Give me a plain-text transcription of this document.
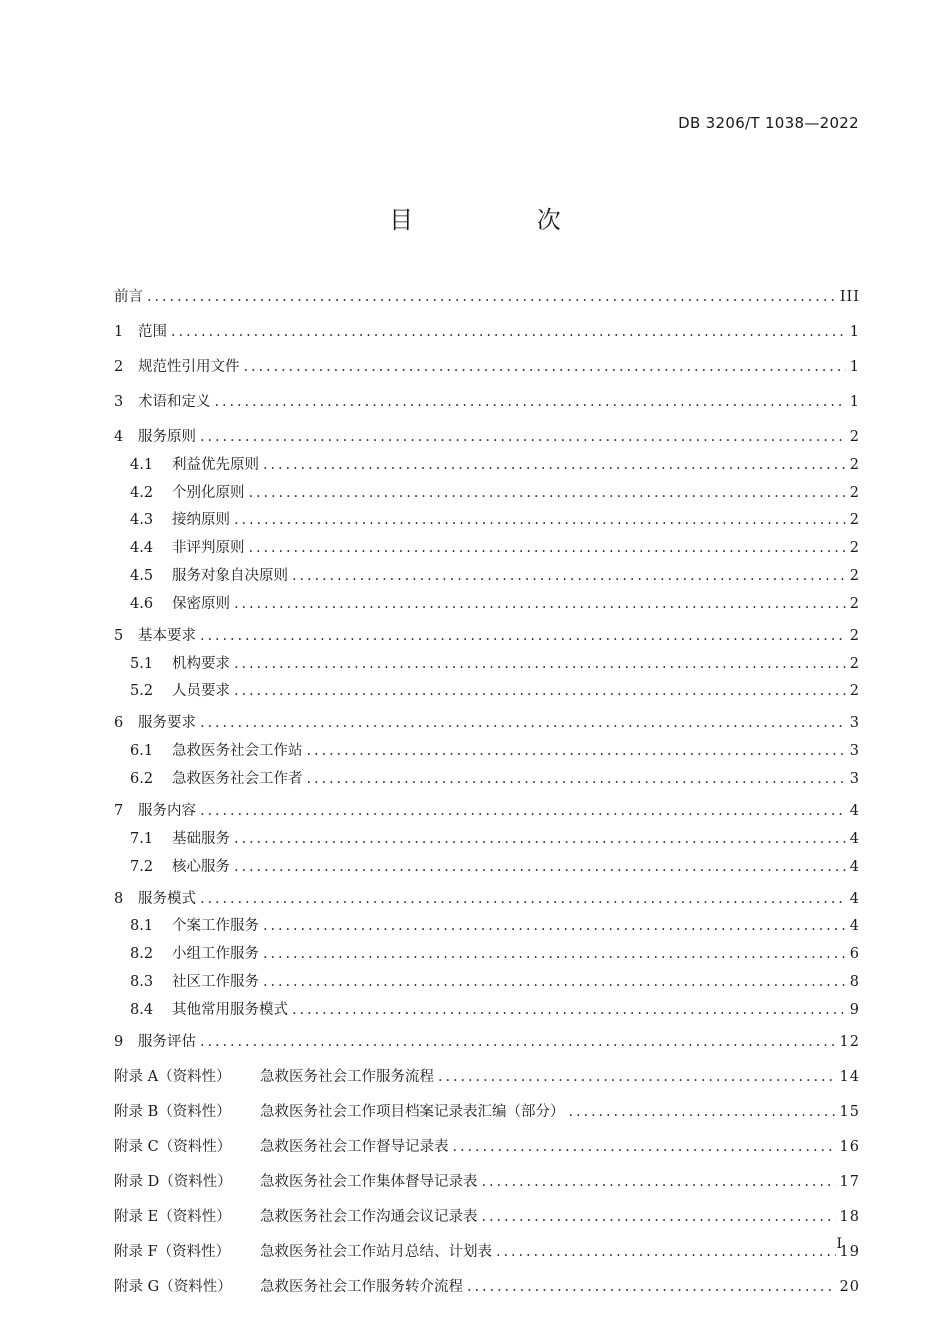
DB 3206/T 1038—2022
目 次
前言 .....	III
1	范围 .....	1
2	规范性引用文件 .....	1
3	术语和定义 .....	1
4	服务原则 .....	2
4.1	利益优先原则 .....	2
4.2	个别化原则 .....	2
4.3	接纳原则 .....	2
4.4	非评判原则 .....	2
4.5	服务对象自决原则 .....	2
4.6	保密原则 .....	2
5	基本要求 .....	2
5.1	机构要求 .....	2
5.2	人员要求 .....	2
6	服务要求 .....	3
6.1	急救医务社会工作站 .....	3
6.2	急救医务社会工作者 .....	3
7	服务内容 .....	4
7.1	基础服务 .....	4
7.2	核心服务 .....	4
8	服务模式 .....	4
8.1	个案工作服务 .....	4
8.2	小组工作服务 .....	6
8.3	社区工作服务 .....	8
8.4	其他常用服务模式 .....	9
9	服务评估 .....	12
附录 A（资料性）	急救医务社会工作服务流程 .....	14
附录 B（资料性）	急救医务社会工作项目档案记录表汇编（部分） .....	15
附录 C（资料性）	急救医务社会工作督导记录表 .....	16
附录 D（资料性）	急救医务社会工作集体督导记录表 .....	17
附录 E（资料性）	急救医务社会工作沟通会议记录表 .....	18
附录 F（资料性）	急救医务社会工作站月总结、计划表 .....	19
附录 G（资料性）	急救医务社会工作服务转介流程 .....	20
I
